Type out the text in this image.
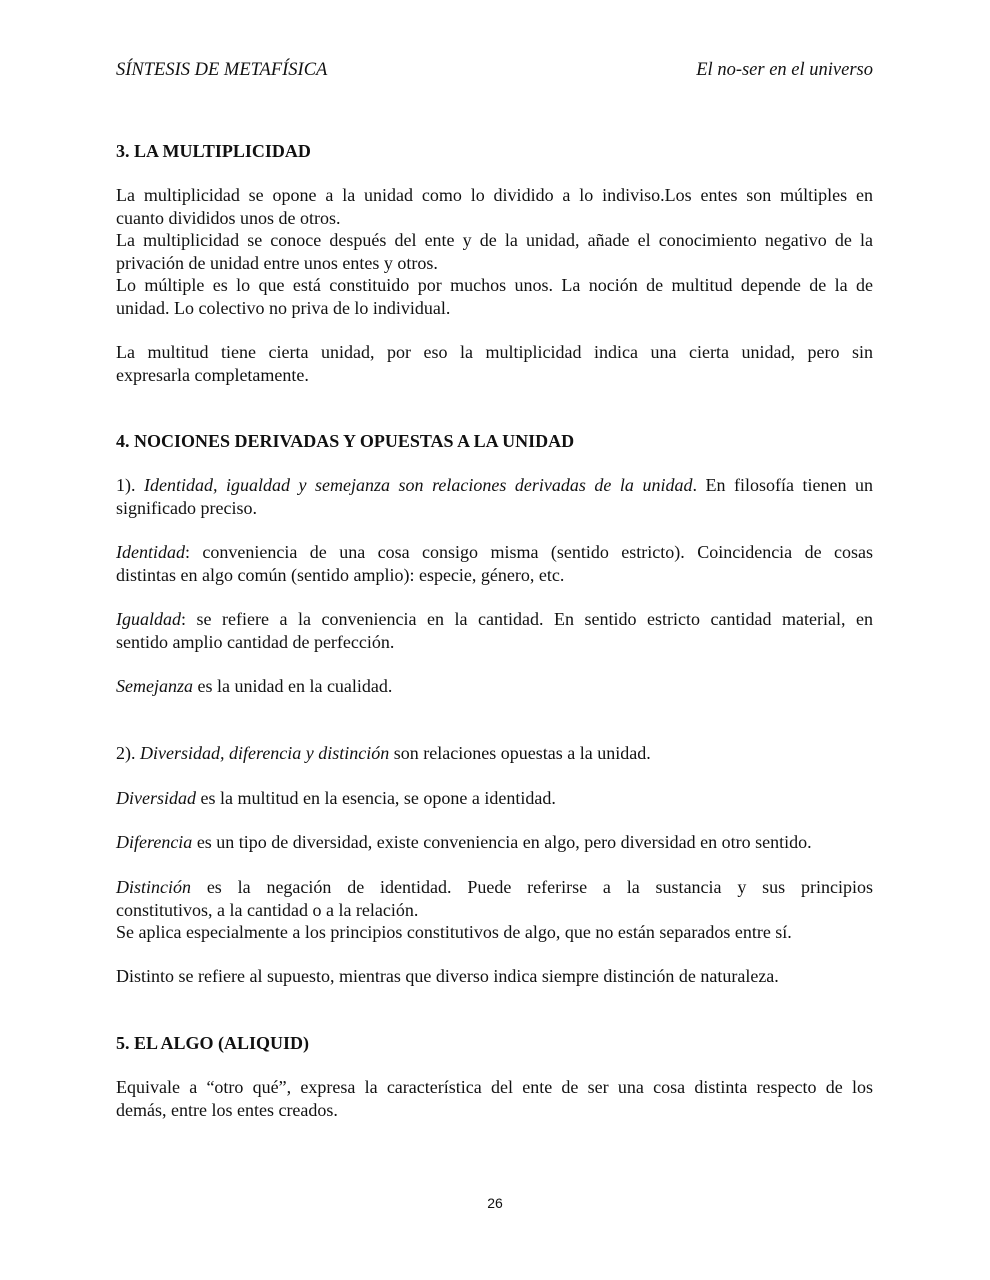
SÍNTESIS DE METAFÍSICA	El no-ser en el universo
3. LA MULTIPLICIDAD
La multiplicidad se opone a la unidad como lo dividido a lo indiviso.Los entes son múltiples en
cuanto divididos unos de otros.
La multiplicidad se conoce después del ente y de la unidad, añade el conocimiento negativo de la
privación de unidad entre unos entes y otros.
Lo múltiple es lo que está constituido por muchos unos. La noción de multitud depende de la de
unidad. Lo colectivo no priva de lo individual.
La multitud tiene cierta unidad, por eso la multiplicidad indica una cierta unidad, pero sin
expresarla completamente.
4. NOCIONES DERIVADAS Y OPUESTAS A LA UNIDAD
1). Identidad, igualdad y semejanza son relaciones derivadas de la unidad. En filosofía tienen un
significado preciso.
Identidad: conveniencia de una cosa consigo misma (sentido estricto). Coincidencia de cosas
distintas en algo común (sentido amplio): especie, género, etc.
Igualdad: se refiere a la conveniencia en la cantidad. En sentido estricto cantidad material, en
sentido amplio cantidad de perfección.
Semejanza es la unidad en la cualidad.
2). Diversidad, diferencia y distinción son relaciones opuestas a la unidad.
Diversidad es la multitud en la esencia, se opone a identidad.
Diferencia es un tipo de diversidad, existe conveniencia en algo, pero diversidad en otro sentido.
Distinción es la negación de identidad. Puede referirse a la sustancia y sus principios
constitutivos, a la cantidad o a la relación.
Se aplica especialmente a los principios constitutivos de algo, que no están separados entre sí.
Distinto se refiere al supuesto, mientras que diverso indica siempre distinción de naturaleza.
5. EL ALGO (ALIQUID)
Equivale a “otro qué”, expresa la característica del ente de ser una cosa distinta respecto de los
demás, entre los entes creados.
26
